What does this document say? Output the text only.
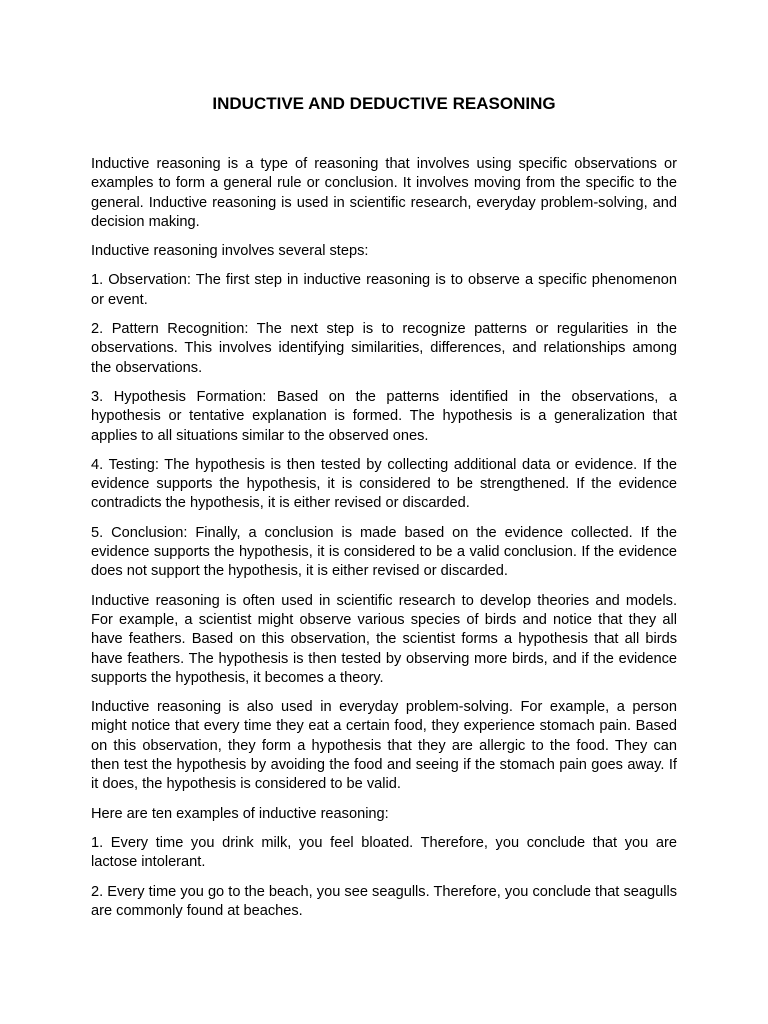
INDUCTIVE AND DEDUCTIVE REASONING

Inductive reasoning is a type of reasoning that involves using specific observations or examples to form a general rule or conclusion. It involves moving from the specific to the general. Inductive reasoning is used in scientific research, everyday problem-solving, and decision making.

Inductive reasoning involves several steps:

1. Observation: The first step in inductive reasoning is to observe a specific phenomenon or event.

2. Pattern Recognition: The next step is to recognize patterns or regularities in the observations. This involves identifying similarities, differences, and relationships among the observations.

3. Hypothesis Formation: Based on the patterns identified in the observations, a hypothesis or tentative explanation is formed. The hypothesis is a generalization that applies to all situations similar to the observed ones.

4. Testing: The hypothesis is then tested by collecting additional data or evidence. If the evidence supports the hypothesis, it is considered to be strengthened. If the evidence contradicts the hypothesis, it is either revised or discarded.

5. Conclusion: Finally, a conclusion is made based on the evidence collected. If the evidence supports the hypothesis, it is considered to be a valid conclusion. If the evidence does not support the hypothesis, it is either revised or discarded.

Inductive reasoning is often used in scientific research to develop theories and models. For example, a scientist might observe various species of birds and notice that they all have feathers. Based on this observation, the scientist forms a hypothesis that all birds have feathers. The hypothesis is then tested by observing more birds, and if the evidence supports the hypothesis, it becomes a theory.

Inductive reasoning is also used in everyday problem-solving. For example, a person might notice that every time they eat a certain food, they experience stomach pain. Based on this observation, they form a hypothesis that they are allergic to the food. They can then test the hypothesis by avoiding the food and seeing if the stomach pain goes away. If it does, the hypothesis is considered to be valid.

Here are ten examples of inductive reasoning:

1. Every time you drink milk, you feel bloated. Therefore, you conclude that you are lactose intolerant.

2. Every time you go to the beach, you see seagulls. Therefore, you conclude that seagulls are commonly found at beaches.
